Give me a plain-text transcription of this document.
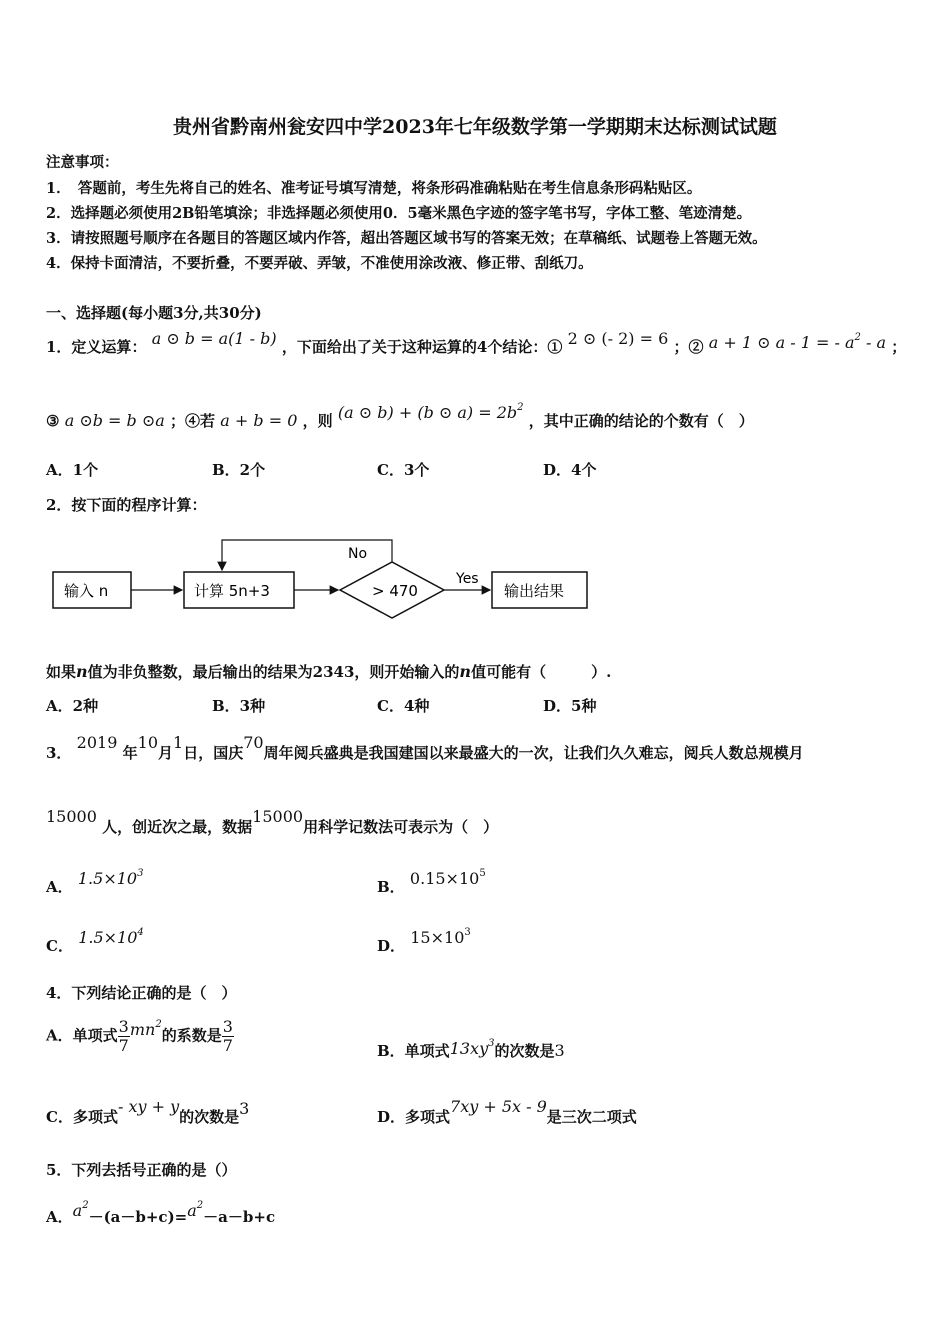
贵州省黔南州瓮安四中学2023年七年级数学第一学期期末达标测试试题
注意事项：
1．　答题前，考生先将自己的姓名、准考证号填写清楚，将条形码准确粘贴在考生信息条形码粘贴区。
2．选择题必须使用2B铅笔填涂；非选择题必须使用0．5毫米黑色字迹的签字笔书写，字体工整、笔迹清楚。
3．请按照题号顺序在各题目的答题区域内作答，超出答题区域书写的答案无效；在草稿纸、试题卷上答题无效。
4．保持卡面清洁，不要折叠，不要弄破、弄皱，不准使用涂改液、修正带、刮纸刀。
一、选择题(每小题3分,共30分)
1．定义运算： a ⊙ b = a(1 - b) ，下面给出了关于这种运算的4个结论：① 2 ⊙ (- 2) = 6 ；② a + 1 ⊙ a - 1 = - $a^2$ - a ；
③ a ⊙b = b ⊙a ；④若 a + b = 0 ，则 (a ⊙ b) + (b ⊙ $a) = 2b^2$ ，其中正确的结论的个数有（　）
A．1个	B．2个	C．3个	D．4个
2．按下面的程序计算：
输入 n	计算 5n+3	> 470
No
Yes
输出结果
如果n值为非负整数，最后输出的结果为2343，则开始输入的n值可能有（　　　）.
A．2种	B．3种	C．4种	D．5种
3． 2019 年10月1日，国庆70周年阅兵盛典是我国建国以来最盛大的一次，让我们久久难忘，阅兵人数总规模月
15000 人，创近次之最，数据15000用科学记数法可表示为（　）
A． $1.5\times 10^3$
B． $0.15\times 10^5$
C． $1.5\times 10^4$
D． $15\times 10^3$
4．下列结论正确的是（　）
A．单项式 $\frac{3}{7} mn^2$的系数是 $\frac{3}{7}$	B．单项式$13xy^3$的次数是3
C．多项式- xy + y的次数是3	D．多项式7xy + 5x - 9是三次二项式
5．下列去括号正确的是（）
A．$a^2-(a-b+c)=a^2-a-b+c$
